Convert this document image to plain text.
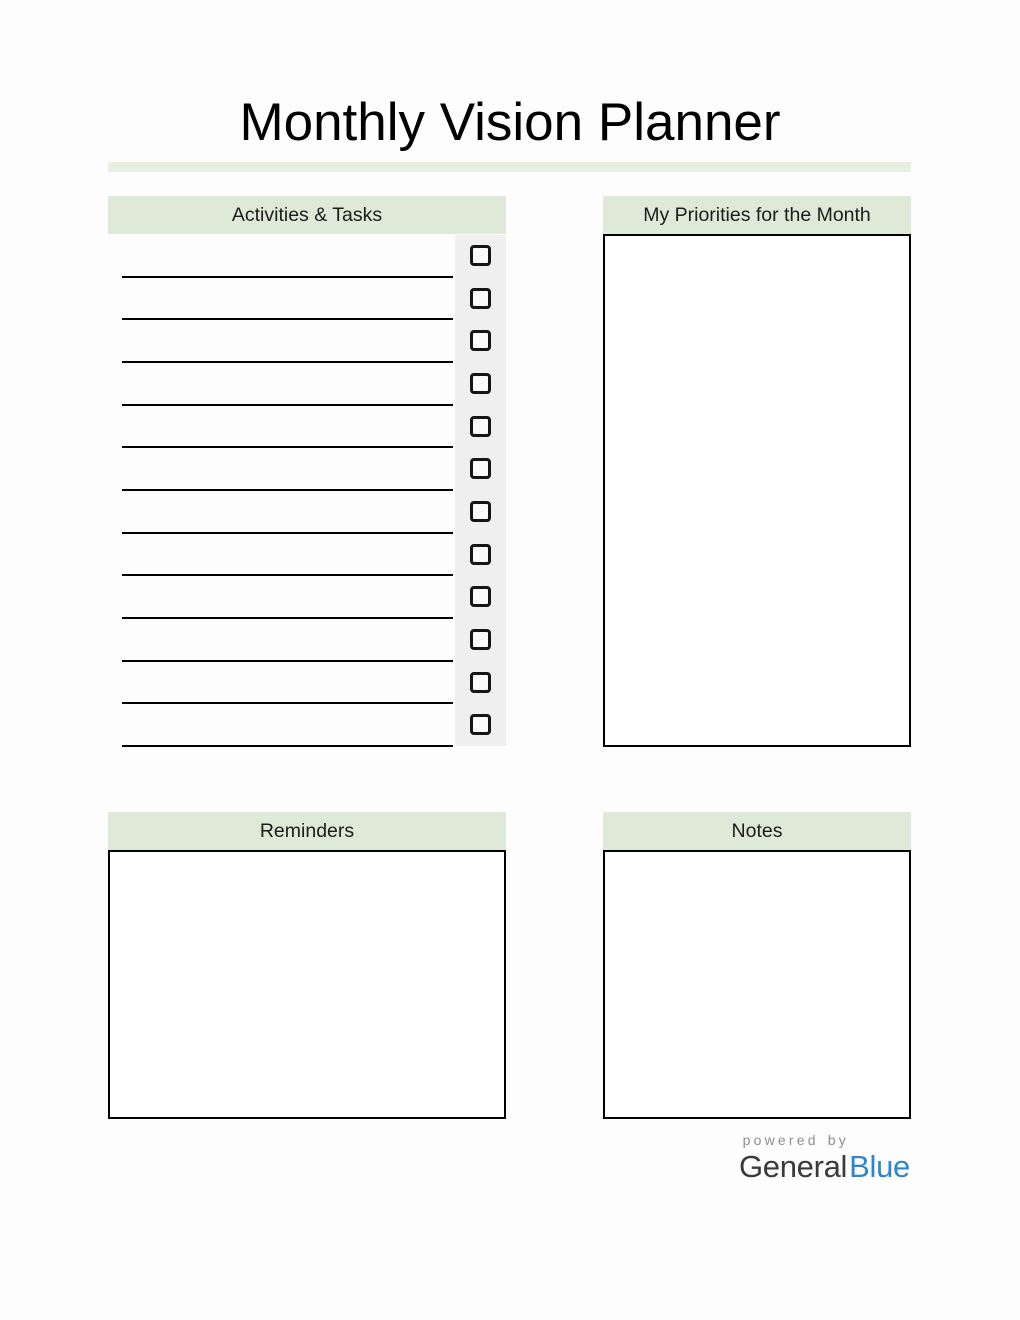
Monthly Vision Planner
Activities & Tasks	My Priorities for the Month
Reminders	Notes
powered by
GeneralBlue
